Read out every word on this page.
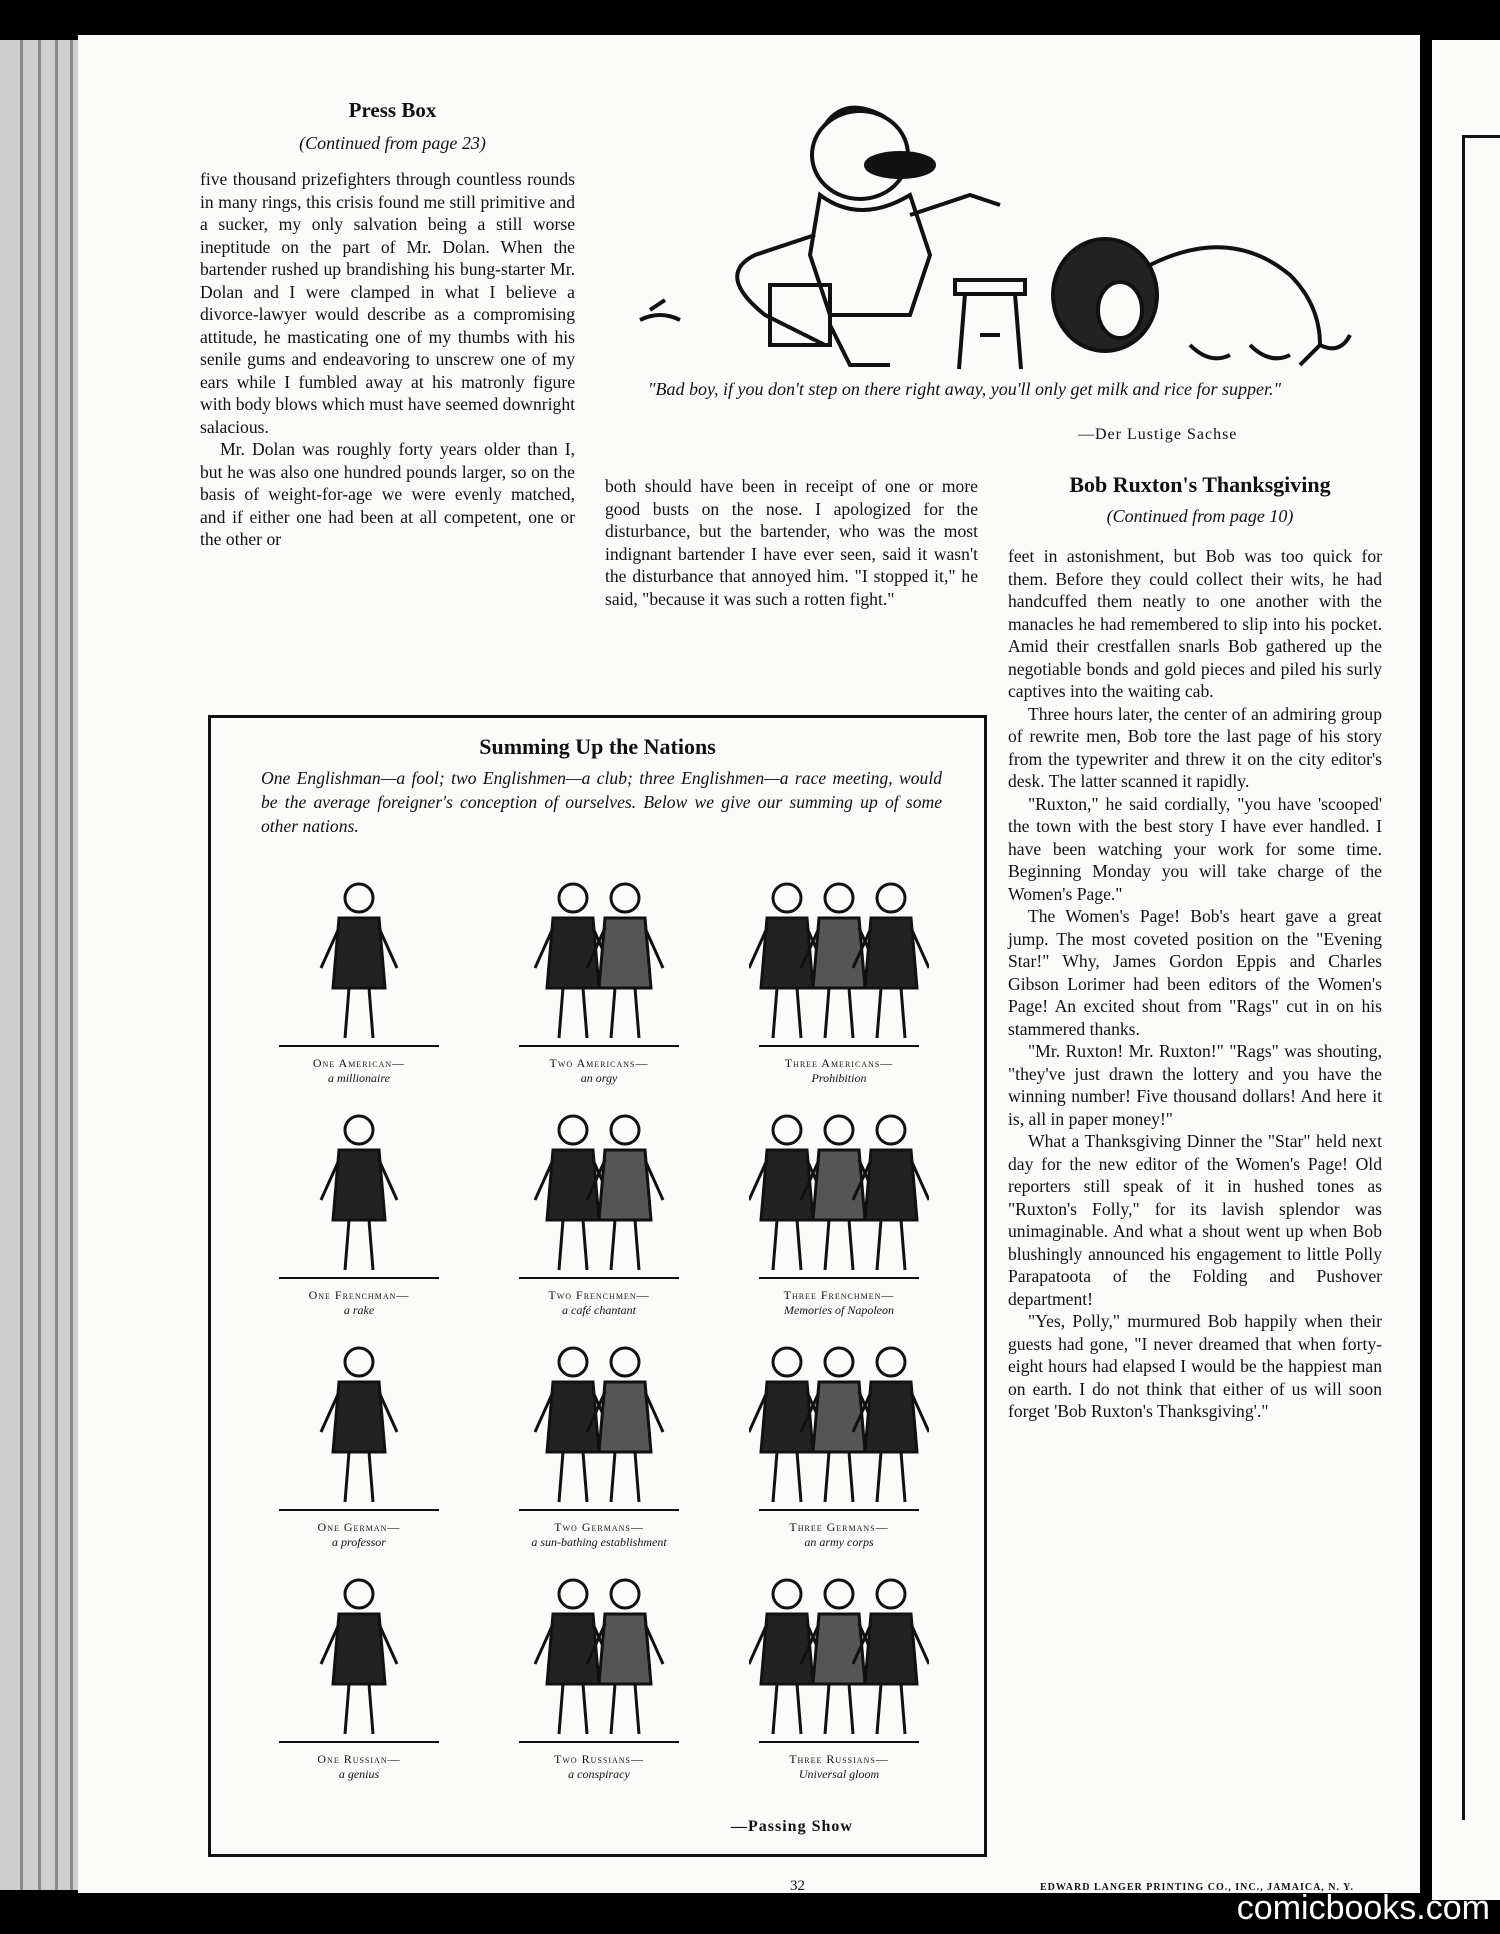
Press Box
(Continued from page 23)

five thousand prizefighters through countless rounds in many rings, this crisis found me still primitive and a sucker, my only salvation being a still worse ineptitude on the part of Mr. Dolan. When the bartender rushed up brandishing his bung-starter Mr. Dolan and I were clamped in what I believe a divorce-lawyer would describe as a compromising attitude, he masticating one of my thumbs with his senile gums and endeavoring to unscrew one of my ears while I fumbled away at his matronly figure with body blows which must have seemed downright salacious.

Mr. Dolan was roughly forty years older than I, but he was also one hundred pounds larger, so on the basis of weight-for-age we were evenly matched, and if either one had been at all competent, one or the other or

both should have been in receipt of one or more good busts on the nose. I apologized for the disturbance, but the bartender, who was the most indignant bartender I have ever seen, said it wasn't the disturbance that annoyed him. "I stopped it," he said, "because it was such a rotten fight."

"Bad boy, if you don't step on there right away, you'll only get milk and rice for supper."
—Der Lustige Sachse
Bob Ruxton's Thanksgiving
(Continued from page 10)

feet in astonishment, but Bob was too quick for them. Before they could collect their wits, he had handcuffed them neatly to one another with the manacles he had remembered to slip into his pocket. Amid their crestfallen snarls Bob gathered up the negotiable bonds and gold pieces and piled his surly captives into the waiting cab.

Three hours later, the center of an admiring group of rewrite men, Bob tore the last page of his story from the typewriter and threw it on the city editor's desk. The latter scanned it rapidly.

"Ruxton," he said cordially, "you have 'scooped' the town with the best story I have ever handled. I have been watching your work for some time. Beginning Monday you will take charge of the Women's Page."

The Women's Page! Bob's heart gave a great jump. The most coveted position on the "Evening Star!" Why, James Gordon Eppis and Charles Gibson Lorimer had been editors of the Women's Page! An excited shout from "Rags" cut in on his stammered thanks.

"Mr. Ruxton! Mr. Ruxton!" "Rags" was shouting, "they've just drawn the lottery and you have the winning number! Five thousand dollars! And here it is, all in paper money!"

What a Thanksgiving Dinner the "Star" held next day for the new editor of the Women's Page! Old reporters still speak of it in hushed tones as "Ruxton's Folly," for its lavish splendor was unimaginable. And what a shout went up when Bob blushingly announced his engagement to little Polly Parapatoota of the Folding and Pushover department!

"Yes, Polly," murmured Bob happily when their guests had gone, "I never dreamed that when forty-eight hours had elapsed I would be the happiest man on earth. I do not think that either of us will soon forget 'Bob Ruxton's Thanksgiving'."

Summing Up the Nations
One Englishman—a fool; two Englishmen—a club; three Englishmen—a race meeting, would be the average foreigner's conception of ourselves. Below we give our summing up of some other nations.
One American—
a millionaire
Two Americans—
an orgy
Three Americans—
Prohibition
One Frenchman—
a rake
Two Frenchmen—
a café chantant
Three Frenchmen—
Memories of Napoleon
One German—
a professor
Two Germans—
a sun-bathing establishment
Three Germans—
an army corps
One Russian—
a genius
Two Russians—
a conspiracy
Three Russians—
Universal gloom
—Passing Show
32	EDWARD LANGER PRINTING CO., INC., JAMAICA, N. Y.
comicbooks.com
